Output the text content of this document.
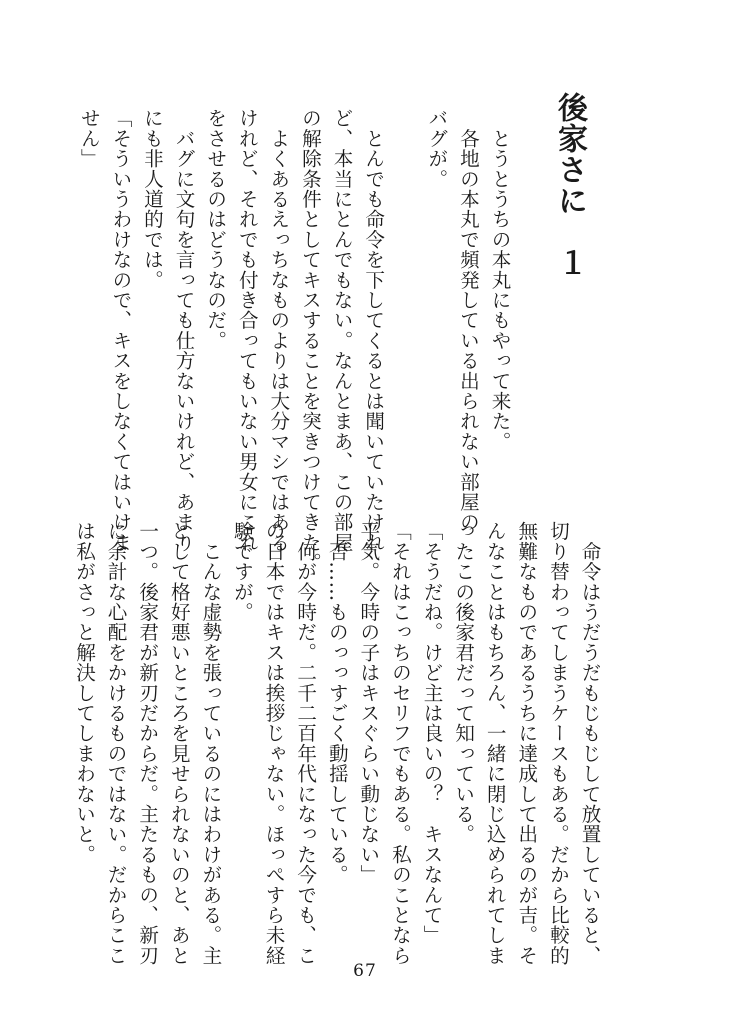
後家さに　１
　とうとうちの本丸にもやって来た。
　各地の本丸で頻発している出られない部屋の
バグが。

　とんでも命令を下してくるとは聞いていたけれ
ど、本当にとんでもない。なんとまあ、この部屋
の解除条件としてキスすることを突きつけてきた。
　よくあるえっちなものよりは大分マシではある
けれど、それでも付き合ってもいない男女にこれ
をさせるのはどうなのだ。
　バグに文句を言っても仕方ないけれど、あまり
にも非人道的では。
「そういうわけなので、キスをしなくてはいけま
せん」
　命令はうだうだもじもじして放置していると、
切り替わってしまうケースもある。だから比較的
無難なものであるうちに達成して出るのが吉。そ
んなことはもちろん、一緒に閉じ込められてしま
ったこの後家君だって知っている。
「そうだね。けど主は良いの？　キスなんて」
「それはこっちのセリフでもある。私のことなら
平気。今時の子はキスぐらい動じない」
　否……ものっっすごく動揺している。
　何が今時だ。二千二百年代になった今でも、こ
の日本ではキスは挨拶じゃない。ほっぺすら未経
験ですが。
　こんな虚勢を張っているのにはわけがある。主
として格好悪いところを見せられないのと、あと
一つ。後家君が新刃だからだ。主たるもの、新刃
に余計な心配をかけるものではない。だからここ
は私がさっと解決してしまわないと。
67
